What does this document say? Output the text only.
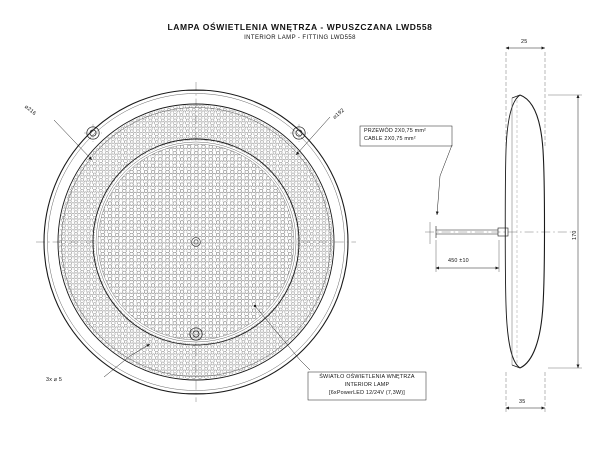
LAMPA OŚWIETLENIA WNĘTRZA - WPUSZCZANA LWD558
INTERIOR LAMP - FITTING LWD558
⌀216	⌀192
3x ⌀ 5	ŚWIATŁO OŚWIETLENIA WNĘTRZA
INTERIOR LAMP
[6xPowerLED 12/24V (7,3W)]
PRZEWÓD 2X0,75 mm²
CABLE 2X0,75 mm²
25
170
35
450 ±10
